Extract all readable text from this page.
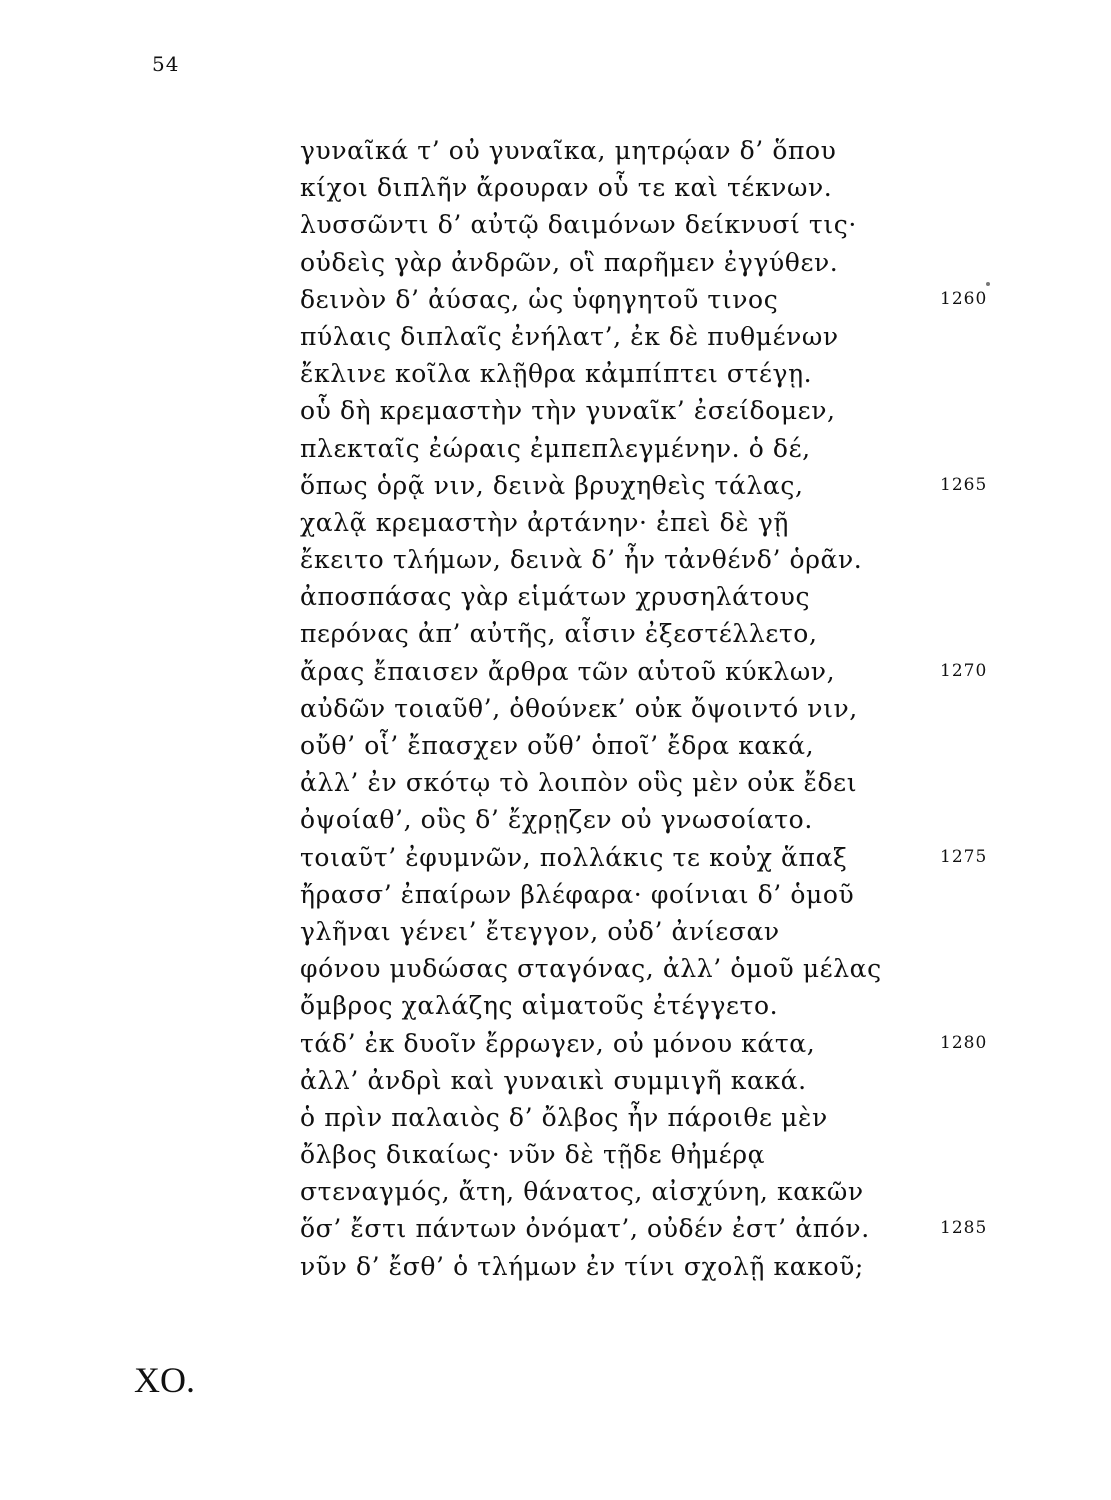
54
γυναῖκά τ’ οὐ γυναῖκα, μητρῴαν δ’ ὅπου
κίχοι διπλῆν ἄρουραν οὗ τε καὶ τέκνων.
λυσσῶντι δ’ αὐτῷ δαιμόνων δείκνυσί τις·
οὐδεὶς γὰρ ἀνδρῶν, οἳ παρῆμεν ἐγγύθεν.
δεινὸν δ’ ἀύσας, ὡς ὑφηγητοῦ τινος	1260
πύλαις διπλαῖς ἐνήλατ’, ἐκ δὲ πυθμένων
ἔκλινε κοῖλα κλῇθρα κἀμπίπτει στέγῃ.
οὗ δὴ κρεμαστὴν τὴν γυναῖκ’ ἐσείδομεν,
πλεκταῖς ἐώραις ἐμπεπλεγμένην. ὁ δέ,
ὅπως ὁρᾷ νιν, δεινὰ βρυχηθεὶς τάλας,	1265
χαλᾷ κρεμαστὴν ἀρτάνην· ἐπεὶ δὲ γῇ
ἔκειτο τλήμων, δεινὰ δ’ ἦν τἀνθένδ’ ὁρᾶν.
ἀποσπάσας γὰρ εἱμάτων χρυσηλάτους
περόνας ἀπ’ αὐτῆς, αἷσιν ἐξεστέλλετο,
ἄρας ἔπαισεν ἄρθρα τῶν αὑτοῦ κύκλων,	1270
αὐδῶν τοιαῦθ’, ὁθούνεκ’ οὐκ ὄψοιντό νιν,
οὔθ’ οἷ’ ἔπασχεν οὔθ’ ὁποῖ’ ἔδρα κακά,
ἀλλ’ ἐν σκότῳ τὸ λοιπὸν οὓς μὲν οὐκ ἔδει
ὀψοίαθ’, οὓς δ’ ἔχρῃζεν οὐ γνωσοίατο.
τοιαῦτ’ ἐφυμνῶν, πολλάκις τε κοὐχ ἅπαξ	1275
ἤρασσ’ ἐπαίρων βλέφαρα· φοίνιαι δ’ ὁμοῦ
γλῆναι γένει’ ἔτεγγον, οὐδ’ ἀνίεσαν
φόνου μυδώσας σταγόνας, ἀλλ’ ὁμοῦ μέλας
ὄμβρος χαλάζης αἱματοῦς ἐτέγγετο.
τάδ’ ἐκ δυοῖν ἔρρωγεν, οὐ μόνου κάτα,	1280
ἀλλ’ ἀνδρὶ καὶ γυναικὶ συμμιγῆ κακά.
ὁ πρὶν παλαιὸς δ’ ὄλβος ἦν πάροιθε μὲν
ὄλβος δικαίως· νῦν δὲ τῇδε θἠμέρᾳ
στεναγμός, ἄτη, θάνατος, αἰσχύνη, κακῶν
ὅσ’ ἔστι πάντων ὀνόματ’, οὐδέν ἐστ’ ἀπόν.	1285
νῦν δ’ ἔσθ’ ὁ τλήμων ἐν τίνι σχολῇ κακοῦ;
XO.
